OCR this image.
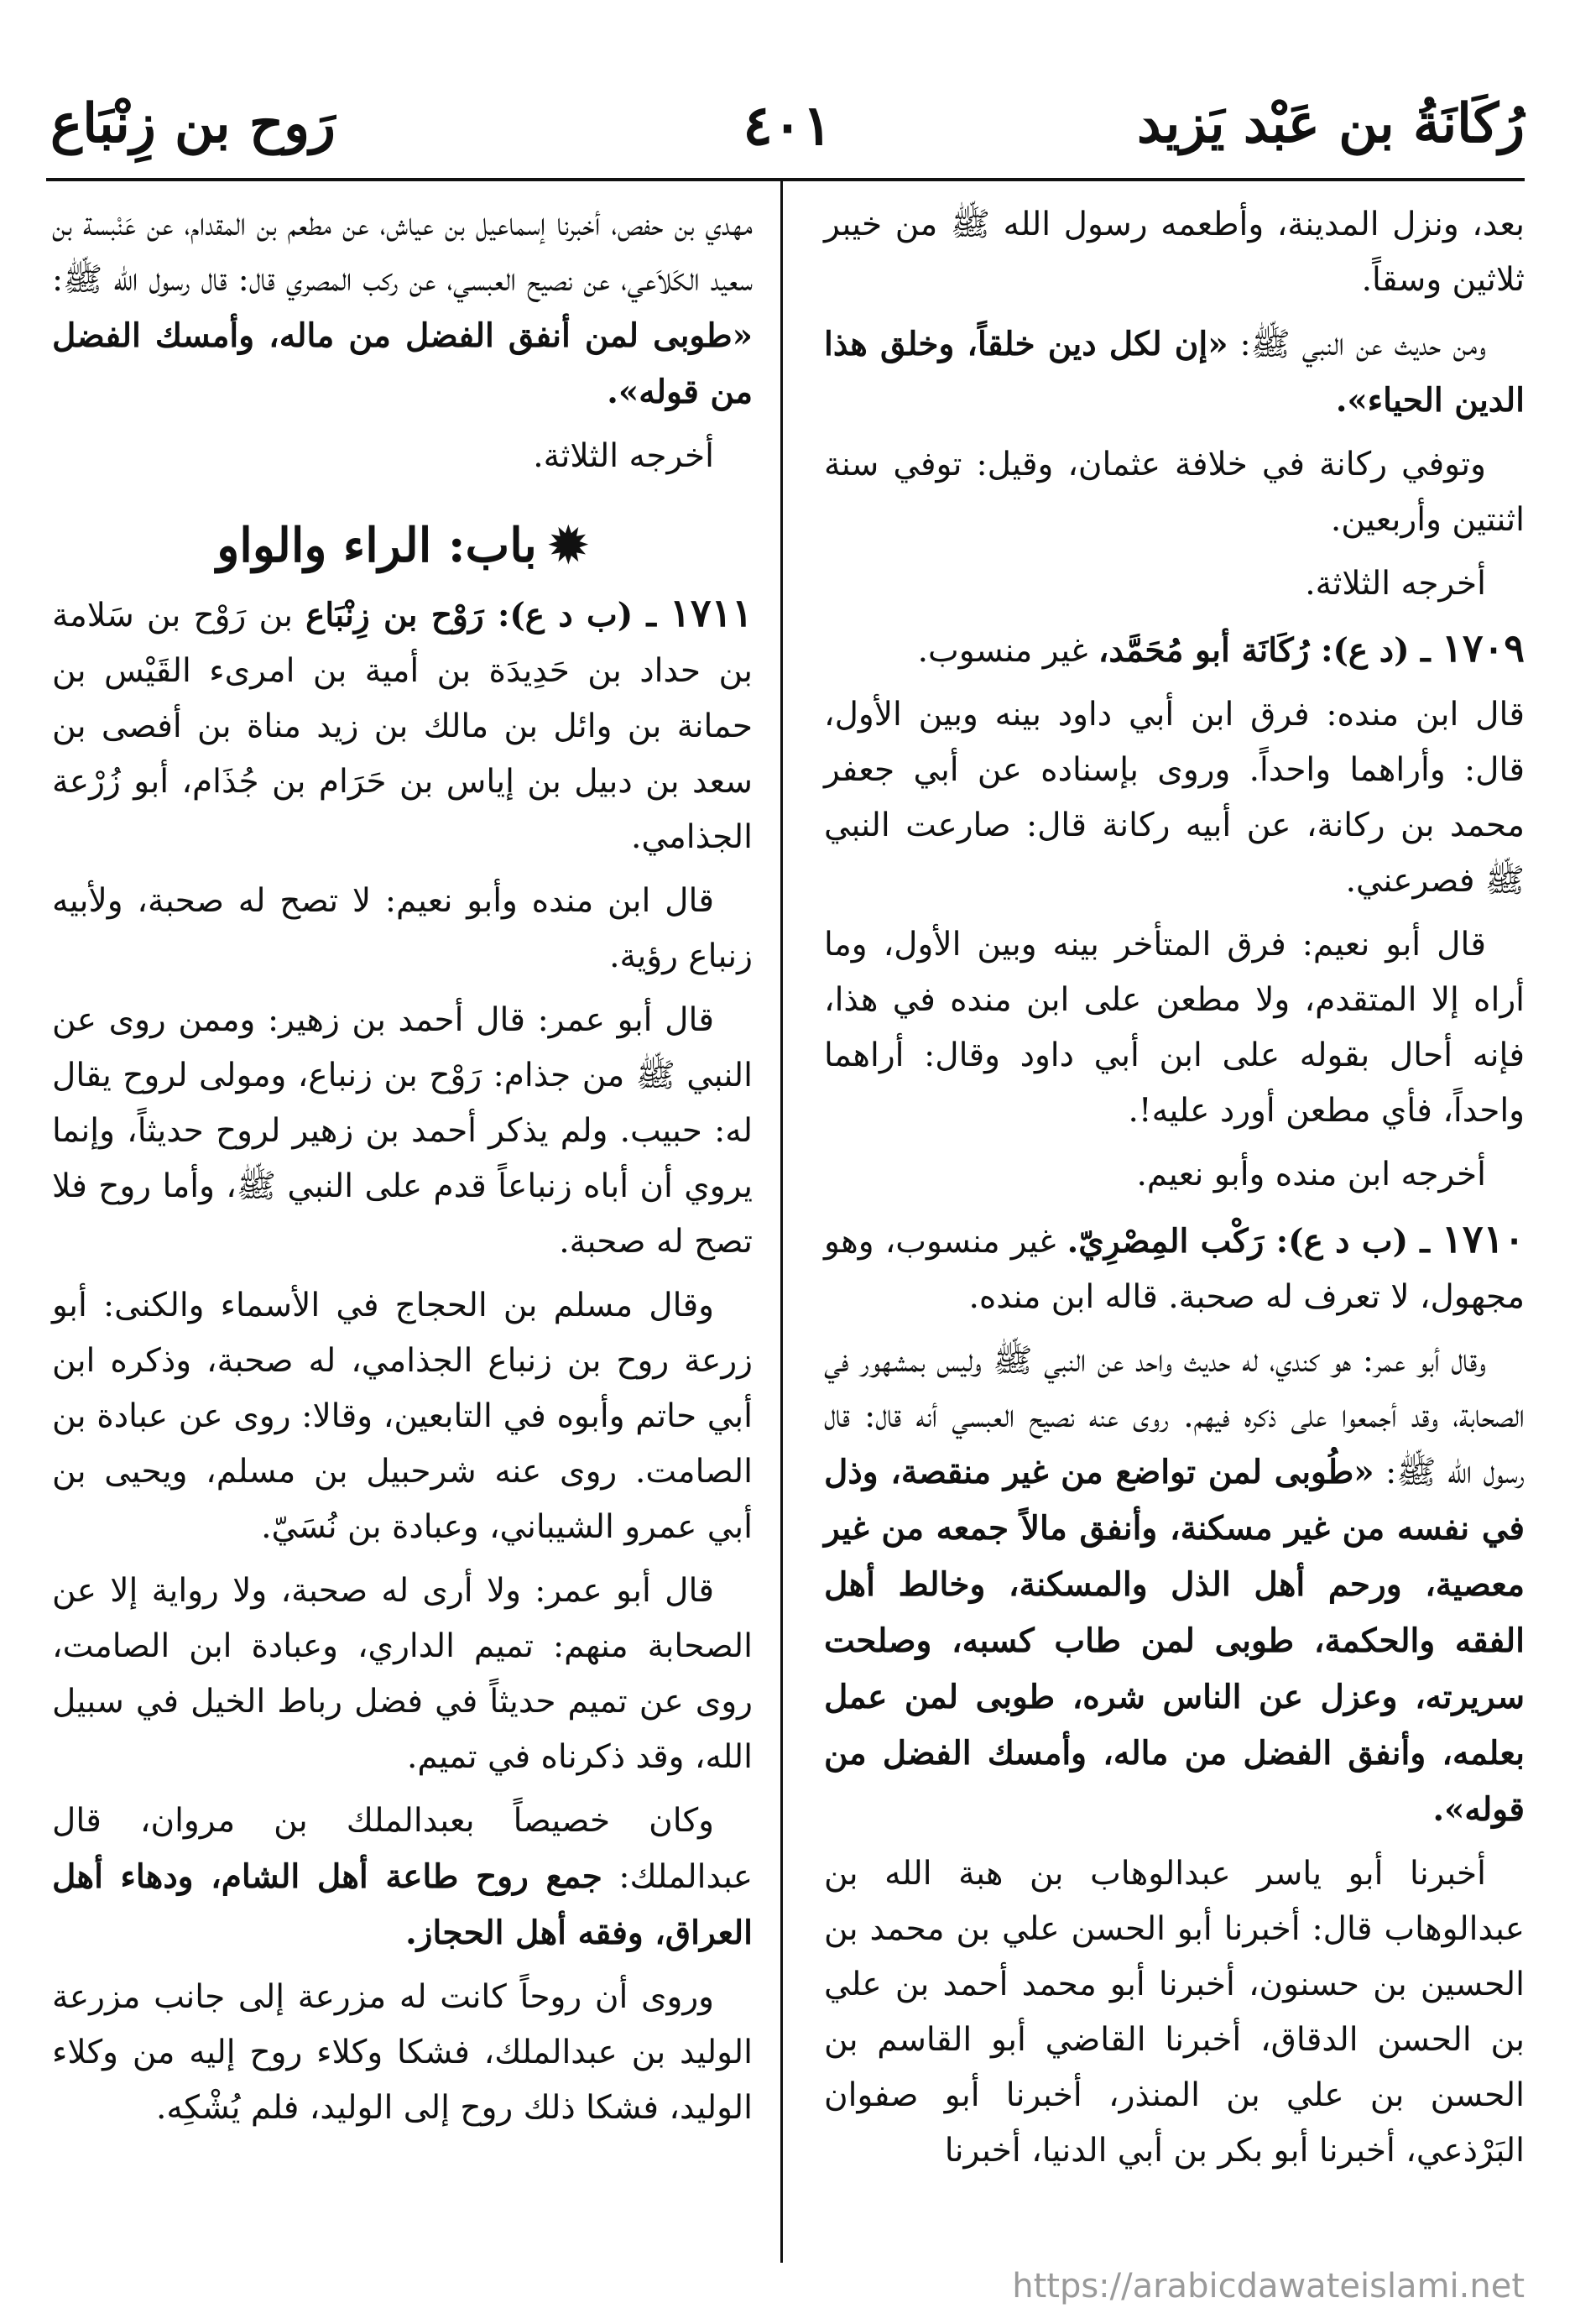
رُكَانَةُ بن عَبْد يَزيد
٤٠١
رَوح بن زِنْبَاع

بعد، ونزل المدينة، وأطعمه رسول الله ﷺ من خيبر ثلاثين وسقاً.

ومن حديث عن النبي ﷺ: «إن لكل دين خلقاً، وخلق هذا الدين الحياء».

وتوفي ركانة في خلافة عثمان، وقيل: توفي سنة اثنتين وأربعين.

أخرجه الثلاثة.

١٧٠٩ ـ (د ع): رُكَانَة أبو مُحَمَّد، غير منسوب.

قال ابن منده: فرق ابن أبي داود بينه وبين الأول، قال: وأراهما واحداً. وروى بإسناده عن أبي جعفر محمد بن ركانة، عن أبيه ركانة قال: صارعت النبي ﷺ فصرعني.

قال أبو نعيم: فرق المتأخر بينه وبين الأول، وما أراه إلا المتقدم، ولا مطعن على ابن منده في هذا، فإنه أحال بقوله على ابن أبي داود وقال: أراهما واحداً، فأي مطعن أورد عليه!.

أخرجه ابن منده وأبو نعيم.

١٧١٠ ـ (ب د ع): رَكْب المِصْرِيّ. غير منسوب، وهو مجهول، لا تعرف له صحبة. قاله ابن منده.

وقال أبو عمر: هو كندي، له حديث واحد عن النبي ﷺ وليس بمشهور في الصحابة، وقد أجمعوا على ذكره فيهم. روى عنه نصيح العبسي أنه قال: قال رسول الله ﷺ: «طُوبى لمن تواضع من غير منقصة، وذل في نفسه من غير مسكنة، وأنفق مالاً جمعه من غير معصية، ورحم أهل الذل والمسكنة، وخالط أهل الفقه والحكمة، طوبى لمن طاب كسبه، وصلحت سريرته، وعزل عن الناس شره، طوبى لمن عمل بعلمه، وأنفق الفضل من ماله، وأمسك الفضل من قوله».

أخبرنا أبو ياسر عبدالوهاب بن هبة الله بن عبدالوهاب قال: أخبرنا أبو الحسن علي بن محمد بن الحسين بن حسنون، أخبرنا أبو محمد أحمد بن علي بن الحسن الدقاق، أخبرنا القاضي أبو القاسم بن الحسن بن علي بن المنذر، أخبرنا أبو صفوان البَرْذعي، أخبرنا أبو بكر بن أبي الدنيا، أخبرنا

مهدي بن حفص، أخبرنا إسماعيل بن عياش، عن مطعم بن المقدام، عن عَنْبسة بن سعيد الكَلاَعي، عن نصيح العبسي، عن ركب المصري قال: قال رسول الله ﷺ: «طوبى لمن أنفق الفضل من ماله، وأمسك الفضل من قوله».

أخرجه الثلاثة.

✹باب: الراء والواو

١٧١١ ـ (ب د ع): رَوْح بن زِنْبَاع بن رَوْح بن سَلامة بن حداد بن حَدِيدَة بن أمية بن امرىء القَيْس بن حمانة بن وائل بن مالك بن زيد مناة بن أفصى بن سعد بن دبيل بن إياس بن حَرَام بن جُذَام، أبو زُرْعة الجذامي.

قال ابن منده وأبو نعيم: لا تصح له صحبة، ولأبيه زنباع رؤية.

قال أبو عمر: قال أحمد بن زهير: وممن روى عن النبي ﷺ من جذام: رَوْح بن زنباع، ومولى لروح يقال له: حبيب. ولم يذكر أحمد بن زهير لروح حديثاً، وإنما يروي أن أباه زنباعاً قدم على النبي ﷺ، وأما روح فلا تصح له صحبة.

وقال مسلم بن الحجاج في الأسماء والكنى: أبو زرعة روح بن زنباع الجذامي، له صحبة، وذكره ابن أبي حاتم وأبوه في التابعين، وقالا: روى عن عبادة بن الصامت. روى عنه شرحبيل بن مسلم، ويحيى بن أبي عمرو الشيباني، وعبادة بن نُسَيّ.

قال أبو عمر: ولا أرى له صحبة، ولا رواية إلا عن الصحابة منهم: تميم الداري، وعبادة ابن الصامت، روى عن تميم حديثاً في فضل رباط الخيل في سبيل الله، وقد ذكرناه في تميم.

وكان خصيصاً بعبدالملك بن مروان، قال عبدالملك: جمع روح طاعة أهل الشام، ودهاء أهل العراق، وفقه أهل الحجاز.

وروى أن روحاً كانت له مزرعة إلى جانب مزرعة الوليد بن عبدالملك، فشكا وكلاء روح إليه من وكلاء الوليد، فشكا ذلك روح إلى الوليد، فلم يُشْكِه.

https://arabicdawateislami.net
